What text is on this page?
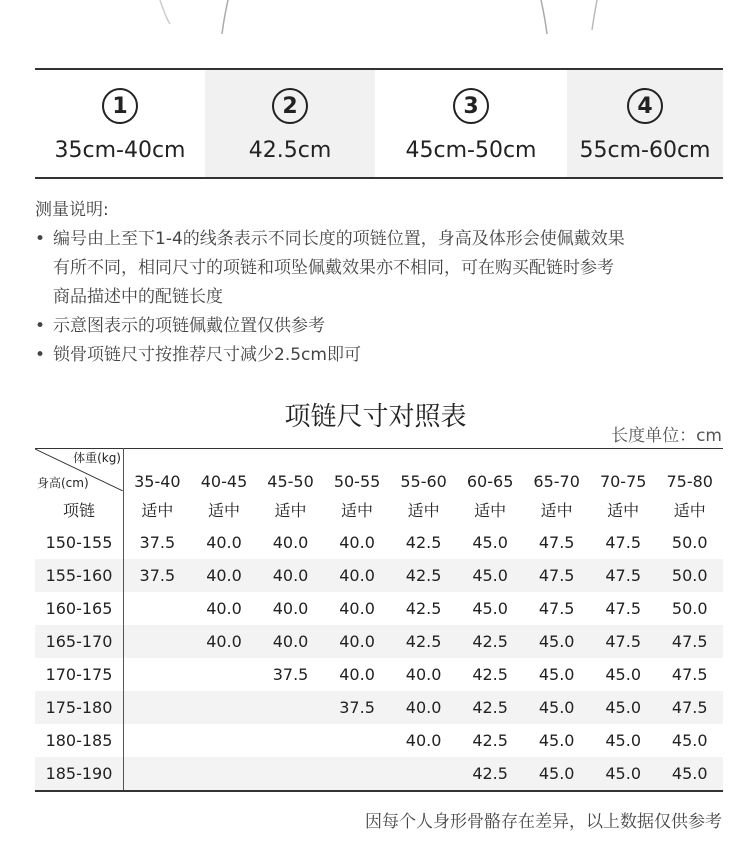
1
35cm-40cm
2
42.5cm
3
45cm-50cm
4
55cm-60cm
测量说明:
• 编号由上至下1-4的线条表示不同长度的项链位置，身高及体形会使佩戴效果
有所不同，相同尺寸的项链和项坠佩戴效果亦不相同，可在购买配链时参考
商品描述中的配链长度
• 示意图表示的项链佩戴位置仅供参考
• 锁骨项链尺寸按推荐尺寸减少2.5cm即可
项链尺寸对照表
长度单位：cm
体重(kg)
身高(cm)	35-40	40-45	45-50	50-55	55-60	60-65	65-70	70-75	75-80
项链	适中	适中	适中	适中	适中	适中	适中	适中	适中
150-155	37.5	40.0	40.0	40.0	42.5	45.0	47.5	47.5	50.0
155-160	37.5	40.0	40.0	40.0	42.5	45.0	47.5	47.5	50.0
160-165		40.0	40.0	40.0	42.5	45.0	47.5	47.5	50.0
165-170		40.0	40.0	40.0	42.5	42.5	45.0	47.5	47.5
170-175			37.5	40.0	40.0	42.5	45.0	45.0	47.5
175-180				37.5	40.0	42.5	45.0	45.0	47.5
180-185					40.0	42.5	45.0	45.0	45.0
185-190						42.5	45.0	45.0	45.0
因每个人身形骨骼存在差异，以上数据仅供参考
